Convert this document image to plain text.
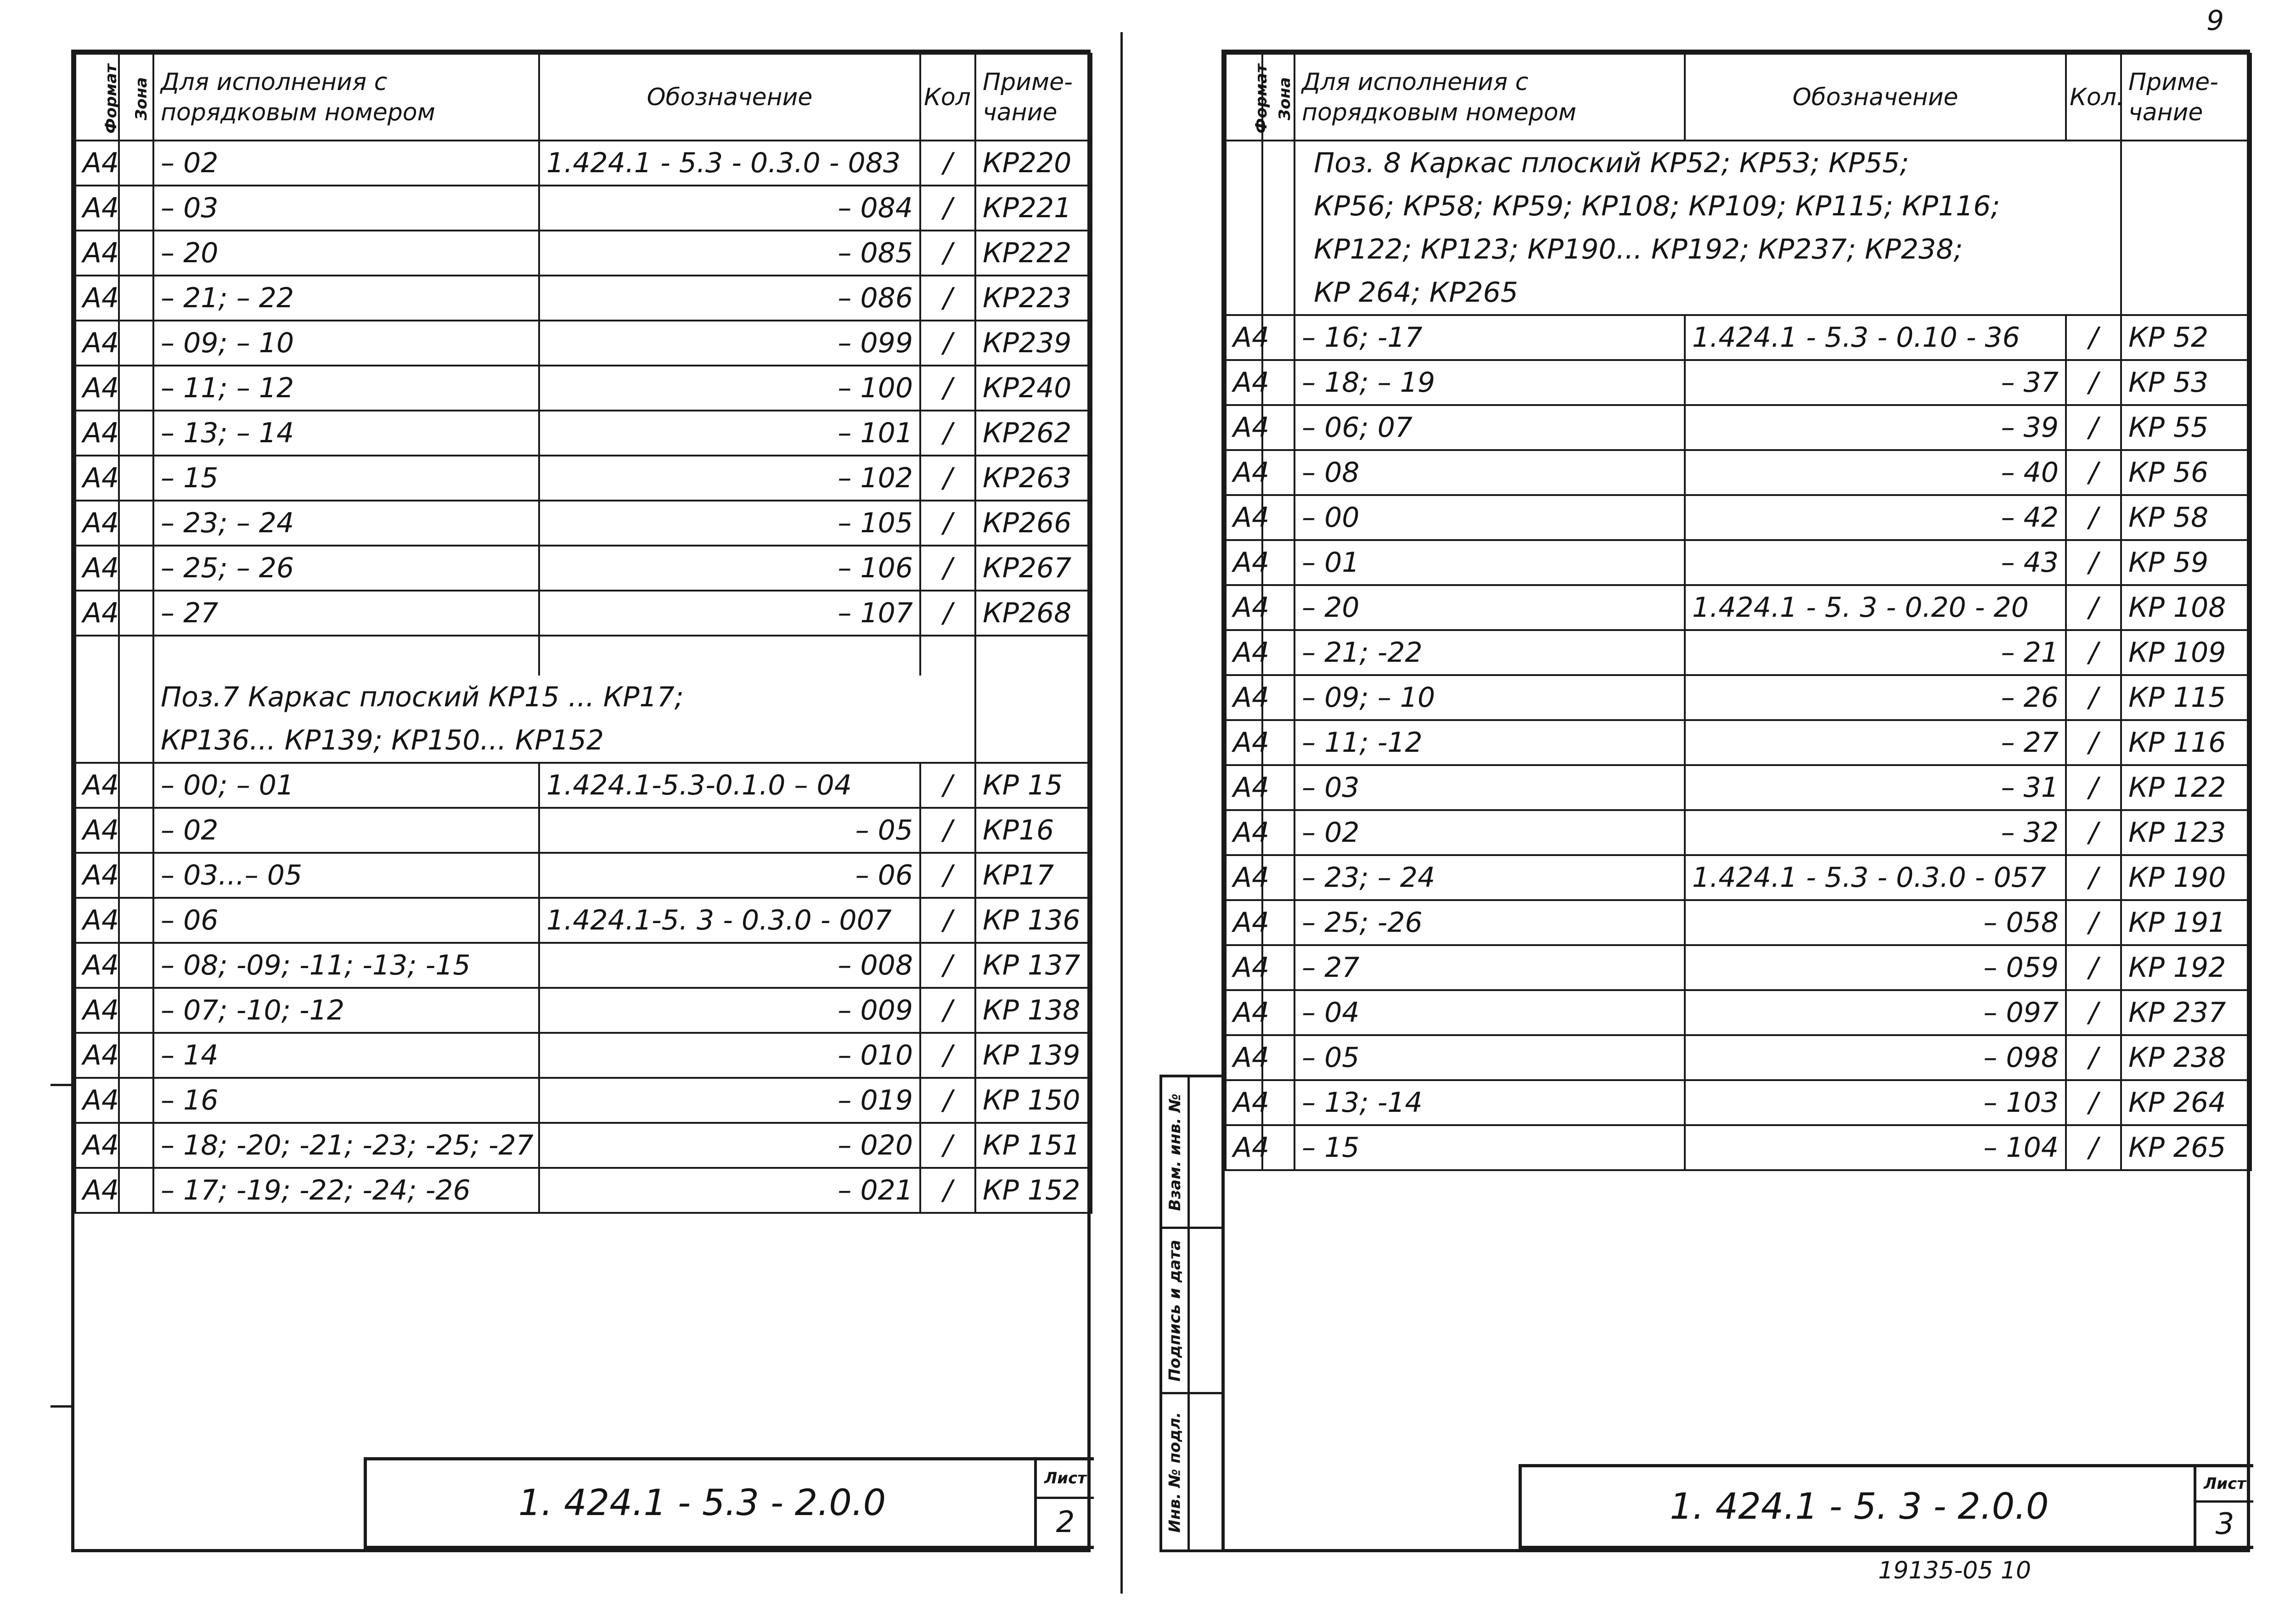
9
Формат	Зона	Для исполнения с порядковым номером	Обозначение	Кол	Приме- чание
А4		– 02	1.424.1 - 5.3 - 0.3.0 - 083	/	КР220
А4		– 03	– 084	/	КР221
А4		– 20	– 085	/	КР222
А4		– 21; – 22	– 086	/	КР223
А4		– 09; – 10	– 099	/	КР239
А4		– 11; – 12	– 100	/	КР240
А4		– 13; – 14	– 101	/	КР262
А4		– 15	– 102	/	КР263
А4		– 23; – 24	– 105	/	КР266
А4		– 25; – 26	– 106	/	КР267
А4		– 27	– 107	/	КР268

		Поз.7 Каркас плоский КР15 ... КР17;			
		КР136... КР139; КР150... КР152			
А4		– 00; – 01	1.424.1-5.3-0.1.0 – 04	/	КР 15
А4		– 02	– 05	/	КР16
А4		– 03...– 05	– 06	/	КР17
А4		– 06	1.424.1-5. 3 - 0.3.0 - 007	/	КР 136
А4		– 08; -09; -11; -13; -15	– 008	/	КР 137
А4		– 07; -10; -12	– 009	/	КР 138
А4		– 14	– 010	/	КР 139
А4		– 16	– 019	/	КР 150
А4		– 18; -20; -21; -23; -25; -27	– 020	/	КР 151
А4		– 17; -19; -22; -24; -26	– 021	/	КР 152
1. 424.1 - 5.3 - 2.0.0
Лист
2
Взам. инв. №
Подпись и дата
Инв. № подл.
Формат	Зона	Для исполнения с порядковым номером	Обозначение	Кол.	Приме- чание
		Поз. 8 Каркас плоский КР52; КР53; КР55;			
		КР56; КР58; КР59; КР108; КР109; КР115; КР116;			
		КР122; КР123; КР190... КР192; КР237; КР238;			
		КР 264; КР265			
А4		– 16; -17	1.424.1 - 5.3 - 0.10 - 36	/	КР 52
А4		– 18; – 19	– 37	/	КР 53
А4		– 06; 07	– 39	/	КР 55
А4		– 08	– 40	/	КР 56
А4		– 00	– 42	/	КР 58
А4		– 01	– 43	/	КР 59
А4		– 20	1.424.1 - 5. 3 - 0.20 - 20	/	КР 108
А4		– 21; -22	– 21	/	КР 109
А4		– 09; – 10	– 26	/	КР 115
А4		– 11; -12	– 27	/	КР 116
А4		– 03	– 31	/	КР 122
А4		– 02	– 32	/	КР 123
А4		– 23; – 24	1.424.1 - 5.3 - 0.3.0 - 057	/	КР 190
А4		– 25; -26	– 058	/	КР 191
А4		– 27	– 059	/	КР 192
А4		– 04	– 097	/	КР 237
А4		– 05	– 098	/	КР 238
А4		– 13; -14	– 103	/	КР 264
А4		– 15	– 104	/	КР 265
1. 424.1 - 5. 3 - 2.0.0
Лист
3
19135-05 10
